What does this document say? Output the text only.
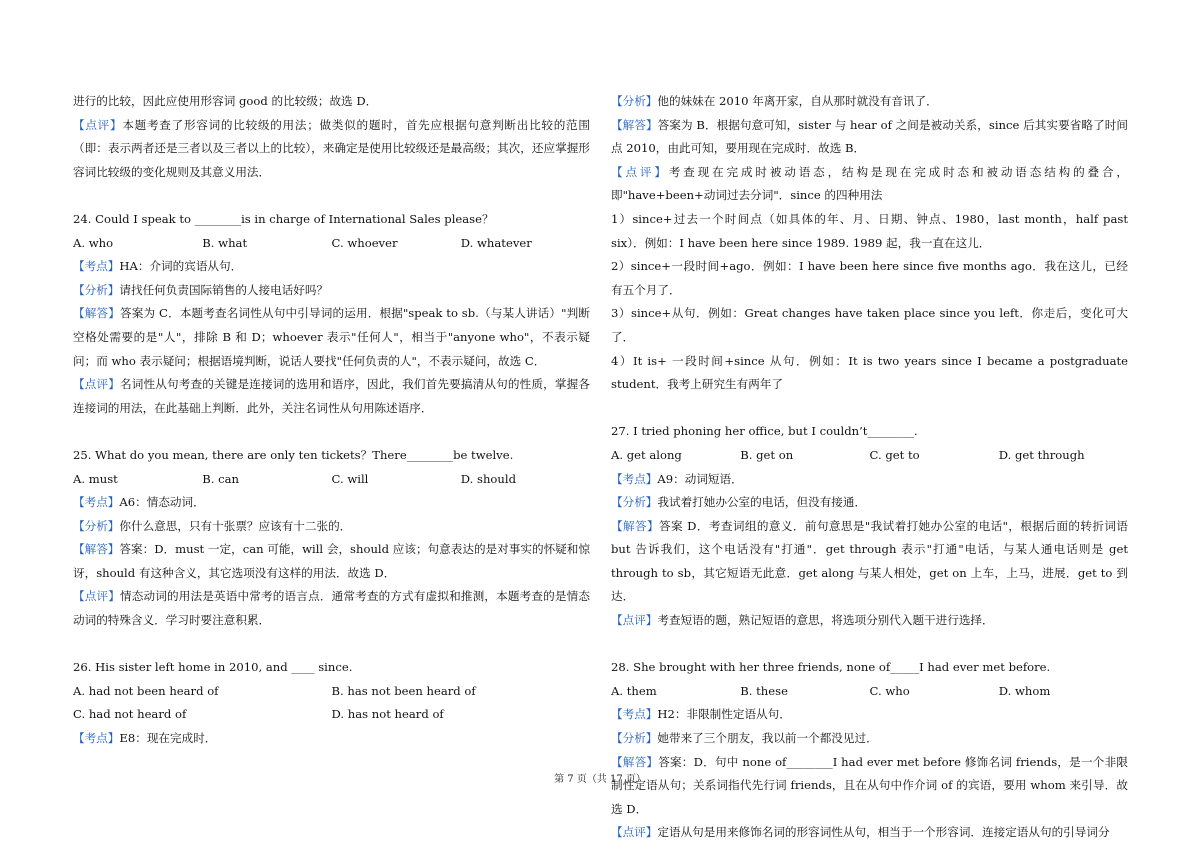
进行的比较，因此应使用形容词 good 的比较级；故选 D．

【点评】本题考查了形容词的比较级的用法；做类似的题时，首先应根据句意判断出比较的范围（即：表示两者还是三者以及三者以上的比较），来确定是使用比较级还是最高级；其次，还应掌握形容词比较级的变化规则及其意义用法．

24. Could I speak to ________is in charge of International Sales please？

A. who	B. what	C. whoever	D. whatever

【考点】HA：介词的宾语从句．

【分析】请找任何负责国际销售的人接电话好吗？

【解答】答案为 C．本题考查名词性从句中引导词的运用．根据"speak to sb.（与某人讲话）"判断空格处需要的是"人"，排除 B 和 D；whoever 表示"任何人"，相当于"anyone who"，不表示疑问；而 who 表示疑问；根据语境判断，说话人要找"任何负责的人"，不表示疑问，故选 C．

【点评】名词性从句考查的关键是连接词的选用和语序，因此，我们首先要搞清从句的性质，掌握各连接词的用法，在此基础上判断．此外，关注名词性从句用陈述语序．

25. What do you mean, there are only ten tickets？There________be twelve.

A. must	B. can	C. will	D. should

【考点】A6：情态动词．

【分析】你什么意思，只有十张票？应该有十二张的．

【解答】答案：D．must 一定，can 可能，will 会，should 应该；句意表达的是对事实的怀疑和惊讶，should 有这种含义，其它选项没有这样的用法．故选 D．

【点评】情态动词的用法是英语中常考的语言点．通常考查的方式有虚拟和推测，本题考查的是情态动词的特殊含义．学习时要注意积累．

26. His sister left home in 2010, and ____ since.

A. had not been heard of	B. has not been heard of
C. had not heard of	D. has not heard of

【考点】E8：现在完成时．

【分析】他的妹妹在 2010 年离开家，自从那时就没有音讯了．

【解答】答案为 B．根据句意可知，sister 与 hear of 之间是被动关系，since 后其实要省略了时间点 2010，由此可知，要用现在完成时．故选 B．

【点评】考查现在完成时被动语态，结构是现在完成时态和被动语态结构的叠合，即"have+been+动词过去分词"．since 的四种用法

1）since+过去一个时间点（如具体的年、月、日期、钟点、1980，last month，half past six）．例如：I have been here since 1989. 1989 起，我一直在这儿．

2）since+一段时间+ago．例如：I have been here since five months ago．我在这儿，已经有五个月了．

3）since+从句．例如：Great changes have taken place since you left．你走后，变化可大了．

4）It is+ 一段时间+since 从句．例如：It is two years since I became a postgraduate student．我考上研究生有两年了

27. I tried phoning her office, but I couldn’t________.

A. get along	B. get on	C. get to	D. get through

【考点】A9：动词短语．

【分析】我试着打她办公室的电话，但没有接通．

【解答】答案 D．考查词组的意义．前句意思是"我试着打她办公室的电话"，根据后面的转折词语 but 告诉我们，这个电话没有"打通"．get through 表示"打通"电话，与某人通电话则是 get through to sb，其它短语无此意．get along 与某人相处，get on 上车，上马，进展．get to 到达．

【点评】考查短语的题，熟记短语的意思，将选项分别代入题干进行选择．

28. She brought with her three friends, none of_____I had ever met before.

A. them	B. these	C. who	D. whom

【考点】H2：非限制性定语从句．

【分析】她带来了三个朋友，我以前一个都没见过．

【解答】答案：D．句中 none of________I had ever met before 修饰名词 friends，是一个非限制性定语从句；关系词指代先行词 friends，且在从句中作介词 of 的宾语，要用 whom 来引导．故选 D．

【点评】定语从句是用来修饰名词的形容词性从句，相当于一个形容词．连接定语从句的引导词分

第 7 页（共 17 页）
